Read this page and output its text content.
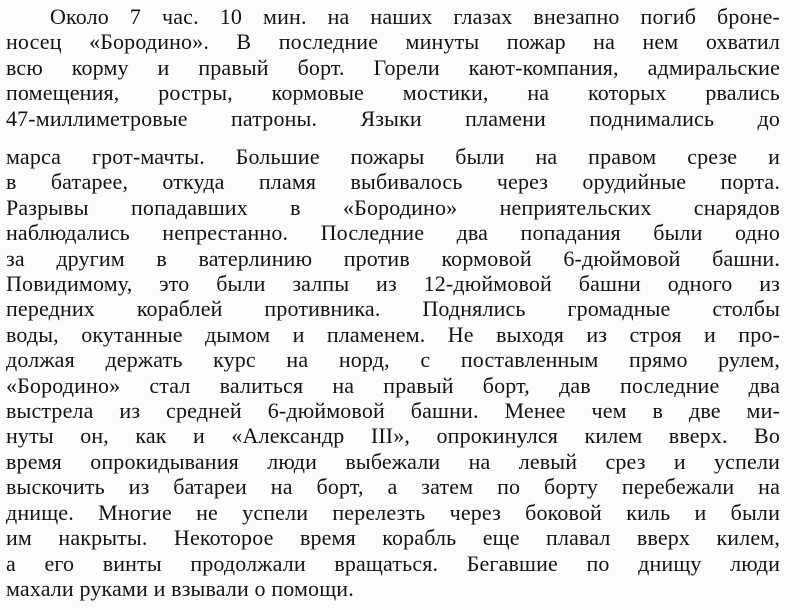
Около 7 час. 10 мин. на наших глазах внезапно погиб броне-
носец «Бородино». В последние минуты пожар на нем охватил
всю корму и правый борт. Горели кают-компания, адмиральские
помещения, ростры, кормовые мостики, на которых рвались
47-миллиметровые патроны. Языки пламени поднимались до
марса грот-мачты. Большие пожары были на правом срезе и
в батарее, откуда пламя выбивалось через орудийные порта.
Разрывы попадавших в «Бородино» неприятельских снарядов
наблюдались непрестанно. Последние два попадания были одно
за другим в ватерлинию против кормовой 6-дюймовой башни.
Повидимому, это были залпы из 12-дюймовой башни одного из
передних кораблей противника. Поднялись громадные столбы
воды, окутанные дымом и пламенем. Не выходя из строя и про-
должая держать курс на норд, с поставленным прямо рулем,
«Бородино» стал валиться на правый борт, дав последние два
выстрела из средней 6-дюймовой башни. Менее чем в две ми-
нуты он, как и «Александр III», опрокинулся килем вверх. Во
время опрокидывания люди выбежали на левый срез и успели
выскочить из батареи на борт, а затем по борту перебежали на
днище. Многие не успели перелезть через боковой киль и были
им накрыты. Некоторое время корабль еще плавал вверх килем,
а его винты продолжали вращаться. Бегавшие по днищу люди
махали руками и взывали о помощи.
